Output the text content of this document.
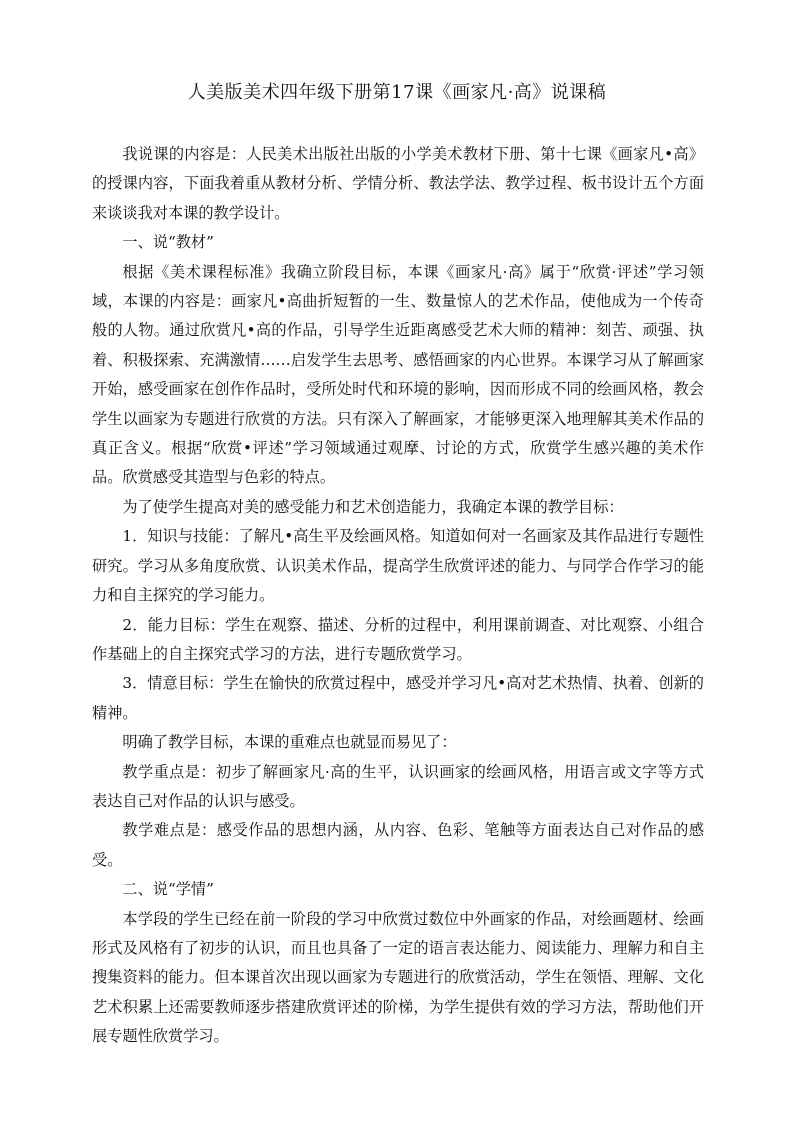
人美版美术四年级下册第17课《画家凡·高》说课稿

我说课的内容是：人民美术出版社出版的小学美术教材下册、第十七课《画家凡•高》的授课内容，下面我着重从教材分析、学情分析、教法学法、教学过程、板书设计五个方面来谈谈我对本课的教学设计。

一、说“教材”

根据《美术课程标准》我确立阶段目标，本课《画家凡·高》属于“欣赏·评述”学习领域，本课的内容是：画家凡•高曲折短暂的一生、数量惊人的艺术作品，使他成为一个传奇般的人物。通过欣赏凡•高的作品，引导学生近距离感受艺术大师的精神：刻苦、顽强、执着、积极探索、充满激情……启发学生去思考、感悟画家的内心世界。本课学习从了解画家开始，感受画家在创作作品时，受所处时代和环境的影响，因而形成不同的绘画风格，教会学生以画家为专题进行欣赏的方法。只有深入了解画家，才能够更深入地理解其美术作品的真正含义。根据“欣赏•评述”学习领域通过观摩、讨论的方式，欣赏学生感兴趣的美术作品。欣赏感受其造型与色彩的特点。

为了使学生提高对美的感受能力和艺术创造能力，我确定本课的教学目标：

1．知识与技能：了解凡•高生平及绘画风格。知道如何对一名画家及其作品进行专题性研究。学习从多角度欣赏、认识美术作品，提高学生欣赏评述的能力、与同学合作学习的能力和自主探究的学习能力。

2．能力目标：学生在观察、描述、分析的过程中，利用课前调查、对比观察、小组合作基础上的自主探究式学习的方法，进行专题欣赏学习。

3．情意目标：学生在愉快的欣赏过程中，感受并学习凡•高对艺术热情、执着、创新的精神。

明确了教学目标，本课的重难点也就显而易见了：

教学重点是：初步了解画家凡·高的生平，认识画家的绘画风格，用语言或文字等方式表达自己对作品的认识与感受。

教学难点是：感受作品的思想内涵，从内容、色彩、笔触等方面表达自己对作品的感受。

二、说“学情”

本学段的学生已经在前一阶段的学习中欣赏过数位中外画家的作品，对绘画题材、绘画形式及风格有了初步的认识，而且也具备了一定的语言表达能力、阅读能力、理解力和自主搜集资料的能力。但本课首次出现以画家为专题进行的欣赏活动，学生在领悟、理解、文化艺术积累上还需要教师逐步搭建欣赏评述的阶梯，为学生提供有效的学习方法，帮助他们开展专题性欣赏学习。
